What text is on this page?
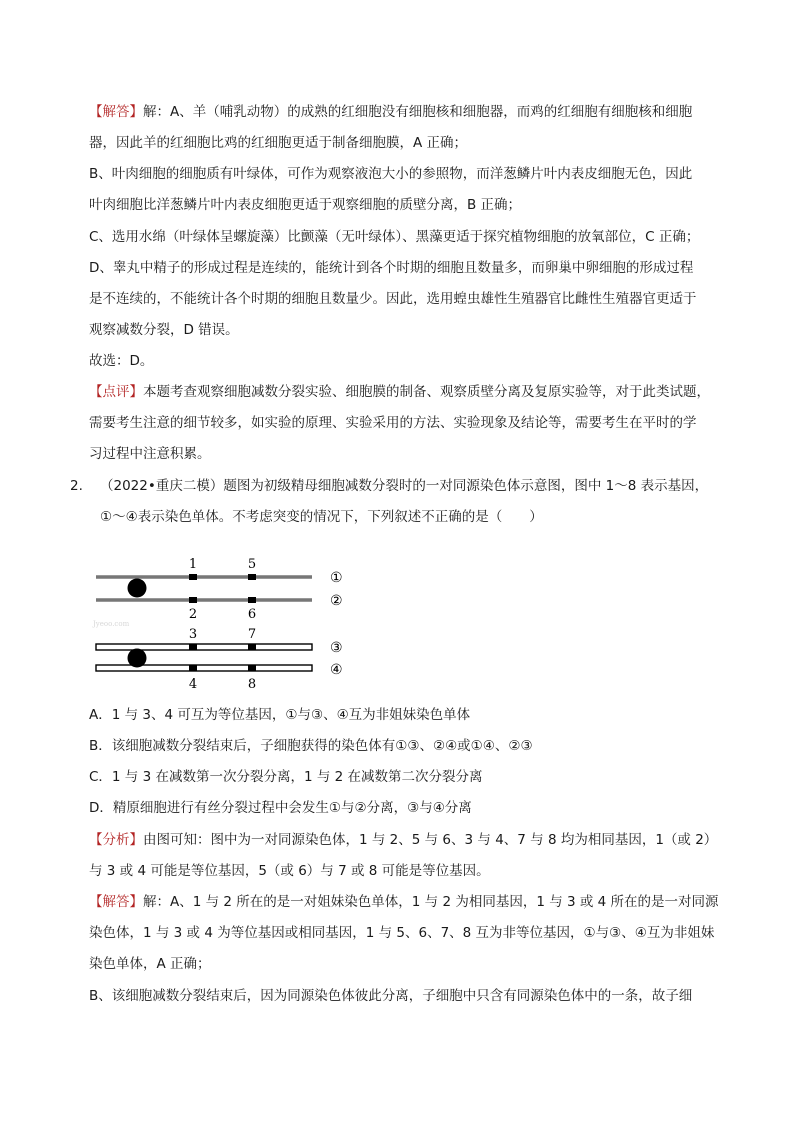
【解答】解：A、羊（哺乳动物）的成熟的红细胞没有细胞核和细胞器，而鸡的红细胞有细胞核和细胞
器，因此羊的红细胞比鸡的红细胞更适于制备细胞膜，A 正确；
B、叶肉细胞的细胞质有叶绿体，可作为观察液泡大小的参照物，而洋葱鳞片叶内表皮细胞无色，因此
叶肉细胞比洋葱鳞片叶内表皮细胞更适于观察细胞的质壁分离，B 正确；
C、选用水绵（叶绿体呈螺旋藻）比颤藻（无叶绿体）、黑藻更适于探究植物细胞的放氧部位，C 正确；
D、睾丸中精子的形成过程是连续的，能统计到各个时期的细胞且数量多，而卵巢中卵细胞的形成过程
是不连续的，不能统计各个时期的细胞且数量少。因此，选用蝗虫雄性生殖器官比雌性生殖器官更适于
观察减数分裂，D 错误。
故选：D。
【点评】本题考查观察细胞减数分裂实验、细胞膜的制备、观察质壁分离及复原实验等，对于此类试题，
需要考生注意的细节较多，如实验的原理、实验采用的方法、实验现象及结论等，需要考生在平时的学
习过程中注意积累。
2. （2022•重庆二模）题图为初级精母细胞减数分裂时的一对同源染色体示意图，图中 1～8 表示基因，
①～④表示染色单体。不考虑突变的情况下，下列叙述不正确的是（　　）
Jyeoo.com
1	5
2	6
3	7
4	8
①
②
③
④
A．1 与 3、4 可互为等位基因，①与③、④互为非姐妹染色单体
B．该细胞减数分裂结束后，子细胞获得的染色体有①③、②④或①④、②③
C．1 与 3 在减数第一次分裂分离，1 与 2 在减数第二次分裂分离
D．精原细胞进行有丝分裂过程中会发生①与②分离，③与④分离
【分析】由图可知：图中为一对同源染色体，1 与 2、5 与 6、3 与 4、7 与 8 均为相同基因，1（或 2）
与 3 或 4 可能是等位基因，5（或 6）与 7 或 8 可能是等位基因。
【解答】解：A、1 与 2 所在的是一对姐妹染色单体，1 与 2 为相同基因，1 与 3 或 4 所在的是一对同源
染色体，1 与 3 或 4 为等位基因或相同基因，1 与 5、6、7、8 互为非等位基因，①与③、④互为非姐妹
染色单体，A 正确；
B、该细胞减数分裂结束后，因为同源染色体彼此分离，子细胞中只含有同源染色体中的一条，故子细
